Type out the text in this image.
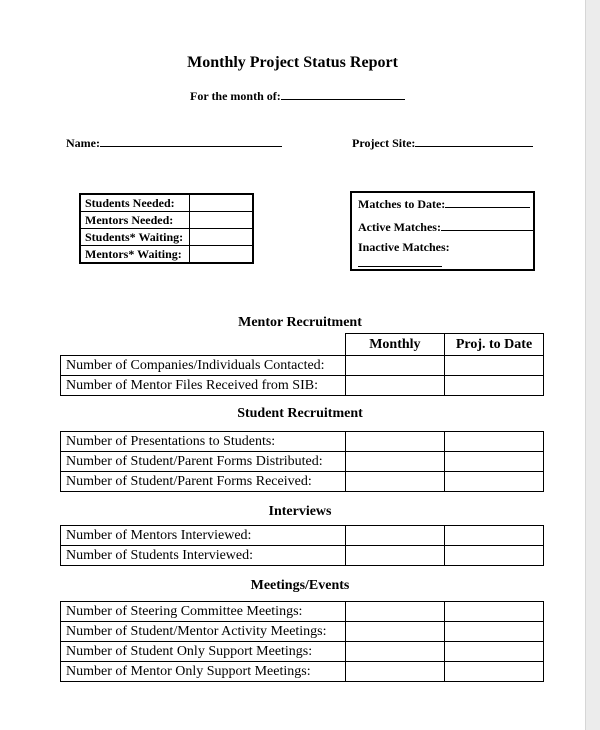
Monthly Project Status Report
For the month of:
Name:	Project Site:
Students Needed:	
Mentors Needed:	
Students* Waiting:	
Mentors* Waiting:	
Matches to Date:
Active Matches:
Inactive Matches:
Mentor Recruitment
	Monthly	Proj. to Date
Number of Companies/Individuals Contacted:		
Number of Mentor Files Received from SIB:		
Student Recruitment
Number of Presentations to Students:		
Number of Student/Parent Forms Distributed:		
Number of Student/Parent Forms Received:		
Interviews
Number of Mentors Interviewed:		
Number of Students Interviewed:		
Meetings/Events
Number of Steering Committee Meetings:		
Number of Student/Mentor Activity Meetings:		
Number of Student Only Support Meetings:		
Number of Mentor Only Support Meetings:		
